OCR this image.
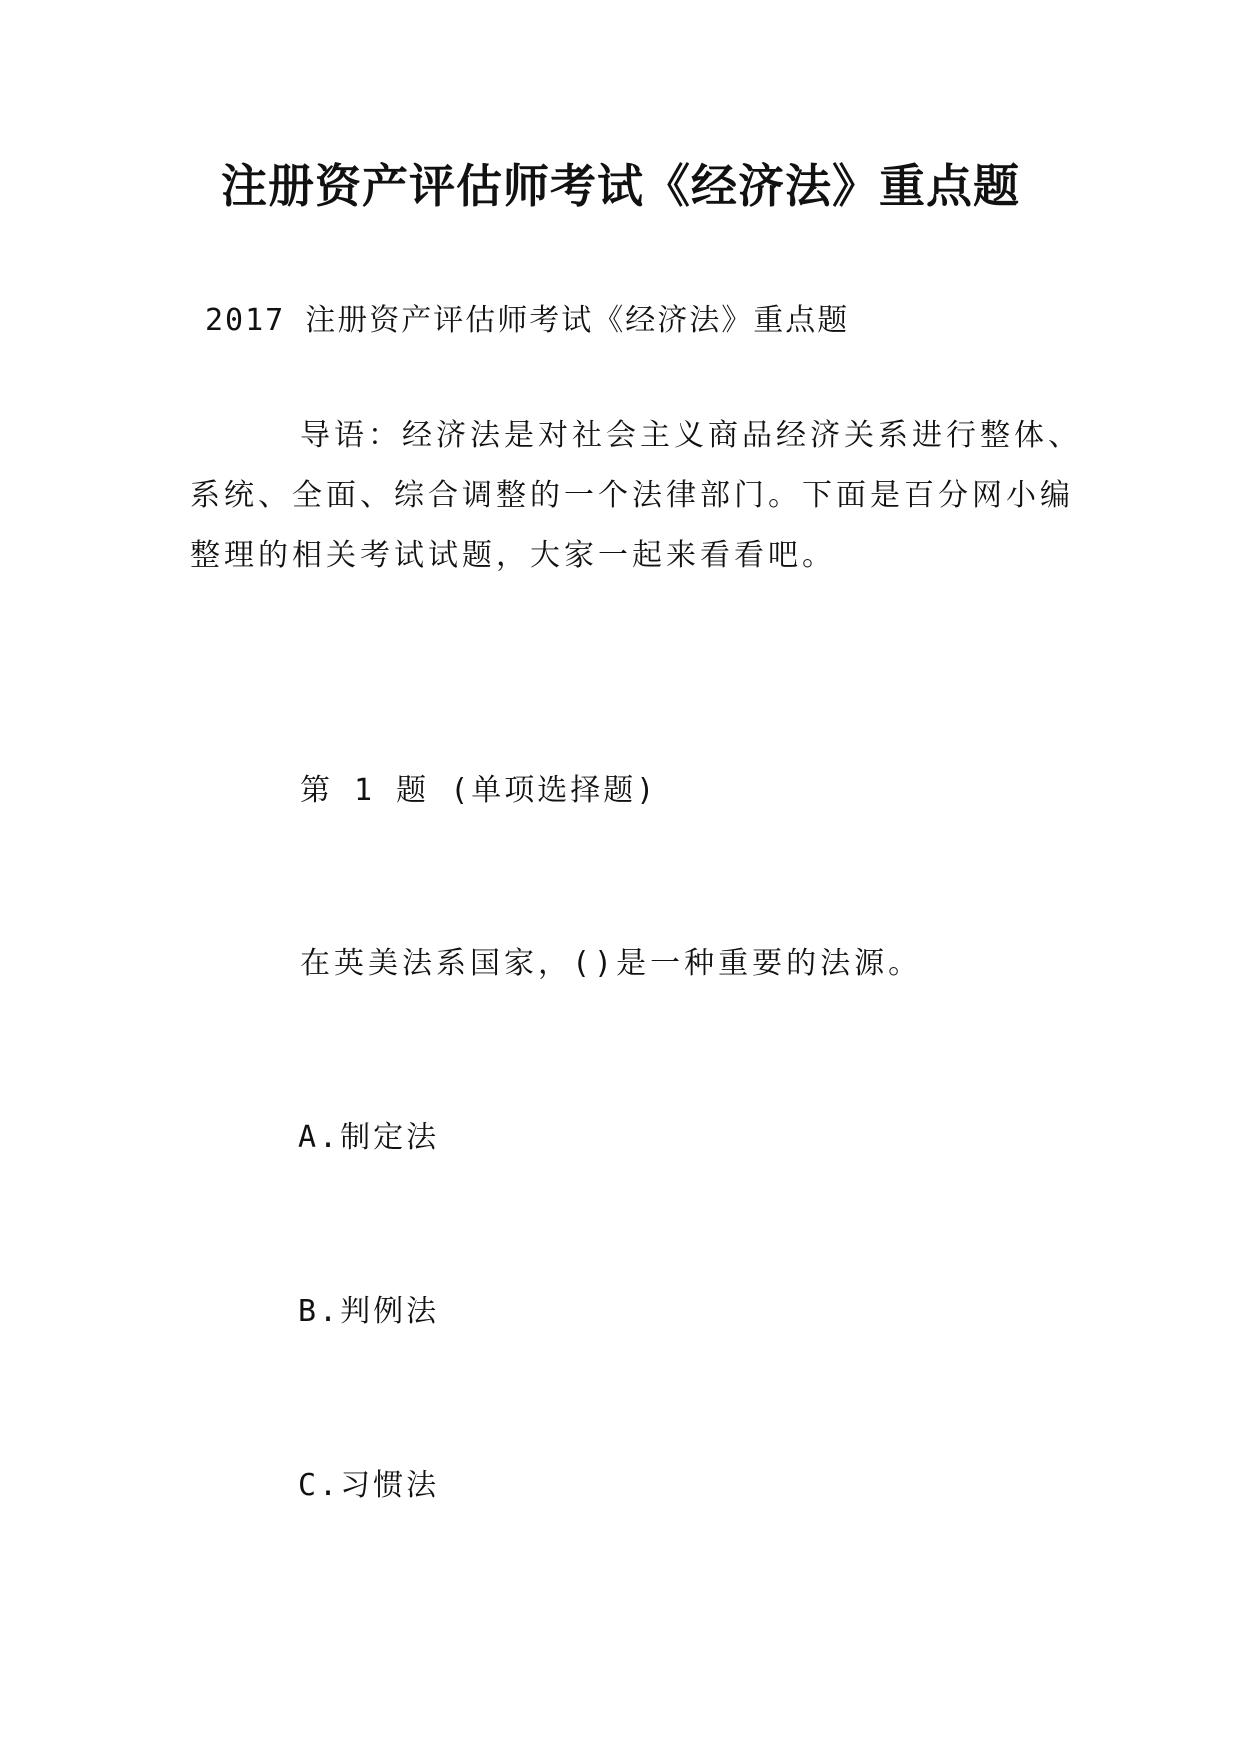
注册资产评估师考试《经济法》重点题
2017 注册资产评估师考试《经济法》重点题
导语：经济法是对社会主义商品经济关系进行整体、
系统、全面、综合调整的一个法律部门。下面是百分网小编
整理的相关考试试题，大家一起来看看吧。
第 1 题 (单项选择题)
在英美法系国家，()是一种重要的法源。
A.制定法
B.判例法
C.习惯法
